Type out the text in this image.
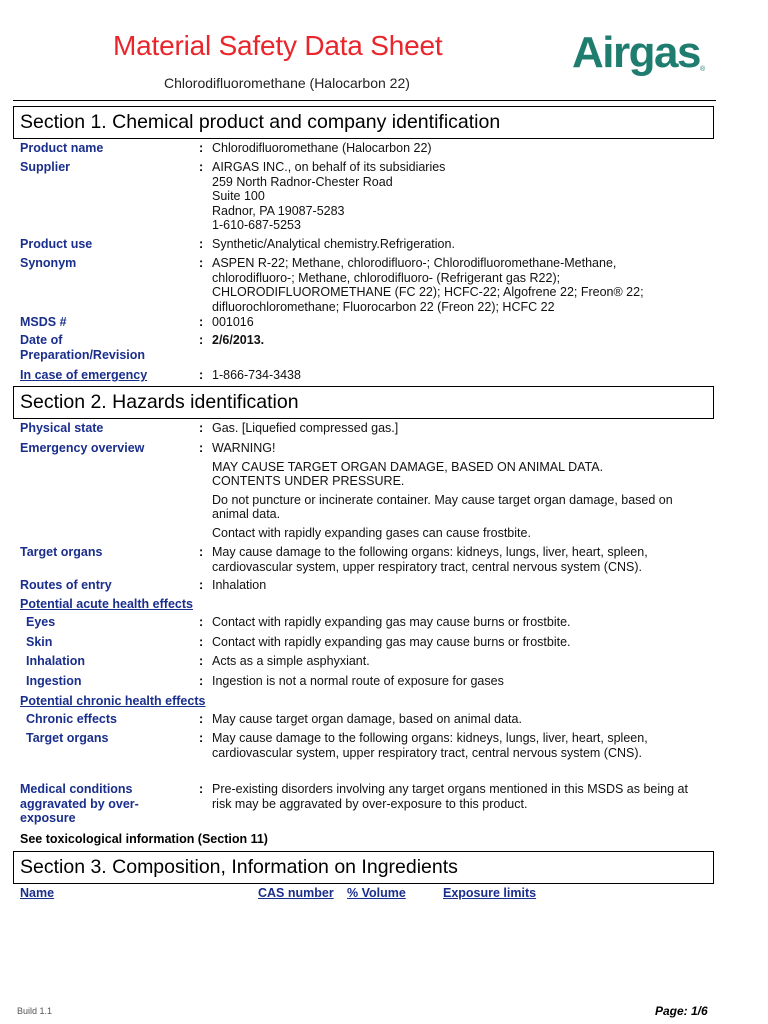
Material Safety Data Sheet
Chlorodifluoromethane (Halocarbon 22)
Airgas ®
Section 1. Chemical product and company identification
Product name	: Chlorodifluoromethane (Halocarbon 22)
Supplier	: AIRGAS INC., on behalf of its subsidiaries
259 North Radnor-Chester Road
Suite 100
Radnor, PA 19087-5283
1-610-687-5253
Product use	: Synthetic/Analytical chemistry.Refrigeration.
Synonym	: ASPEN R-22; Methane, chlorodifluoro-; Chlorodifluoromethane-Methane,
chlorodifluoro-; Methane, chlorodifluoro- (Refrigerant gas R22);
CHLORODIFLUOROMETHANE (FC 22); HCFC-22; Algofrene 22; Freon® 22;
difluorochloromethane; Fluorocarbon 22 (Freon 22); HCFC 22
MSDS #	: 001016
Date of
Preparation/Revision
: 2/6/2013.
In case of emergency	: 1-866-734-3438
Section 2. Hazards identification
Physical state	: Gas. [Liquefied compressed gas.]
Emergency overview	: WARNING!
MAY CAUSE TARGET ORGAN DAMAGE, BASED ON ANIMAL DATA.
CONTENTS UNDER PRESSURE.
Do not puncture or incinerate container. May cause target organ damage, based on
animal data.
Contact with rapidly expanding gases can cause frostbite.
Target organs	: May cause damage to the following organs: kidneys, lungs, liver, heart, spleen,
cardiovascular system, upper respiratory tract, central nervous system (CNS).
Routes of entry	: Inhalation
Potential acute health effects
Eyes	: Contact with rapidly expanding gas may cause burns or frostbite.
Skin	: Contact with rapidly expanding gas may cause burns or frostbite.
Inhalation	: Acts as a simple asphyxiant.
Ingestion	: Ingestion is not a normal route of exposure for gases
Potential chronic health effects
Chronic effects	: May cause target organ damage, based on animal data.
Target organs	: May cause damage to the following organs: kidneys, lungs, liver, heart, spleen,
cardiovascular system, upper respiratory tract, central nervous system (CNS).
Medical conditions
aggravated by over-
exposure
: Pre-existing disorders involving any target organs mentioned in this MSDS as being at
risk may be aggravated by over-exposure to this product.
See toxicological information (Section 11)
Section 3. Composition, Information on Ingredients
Name	CAS number % Volume	Exposure limits
Build 1.1	Page: 1/6
